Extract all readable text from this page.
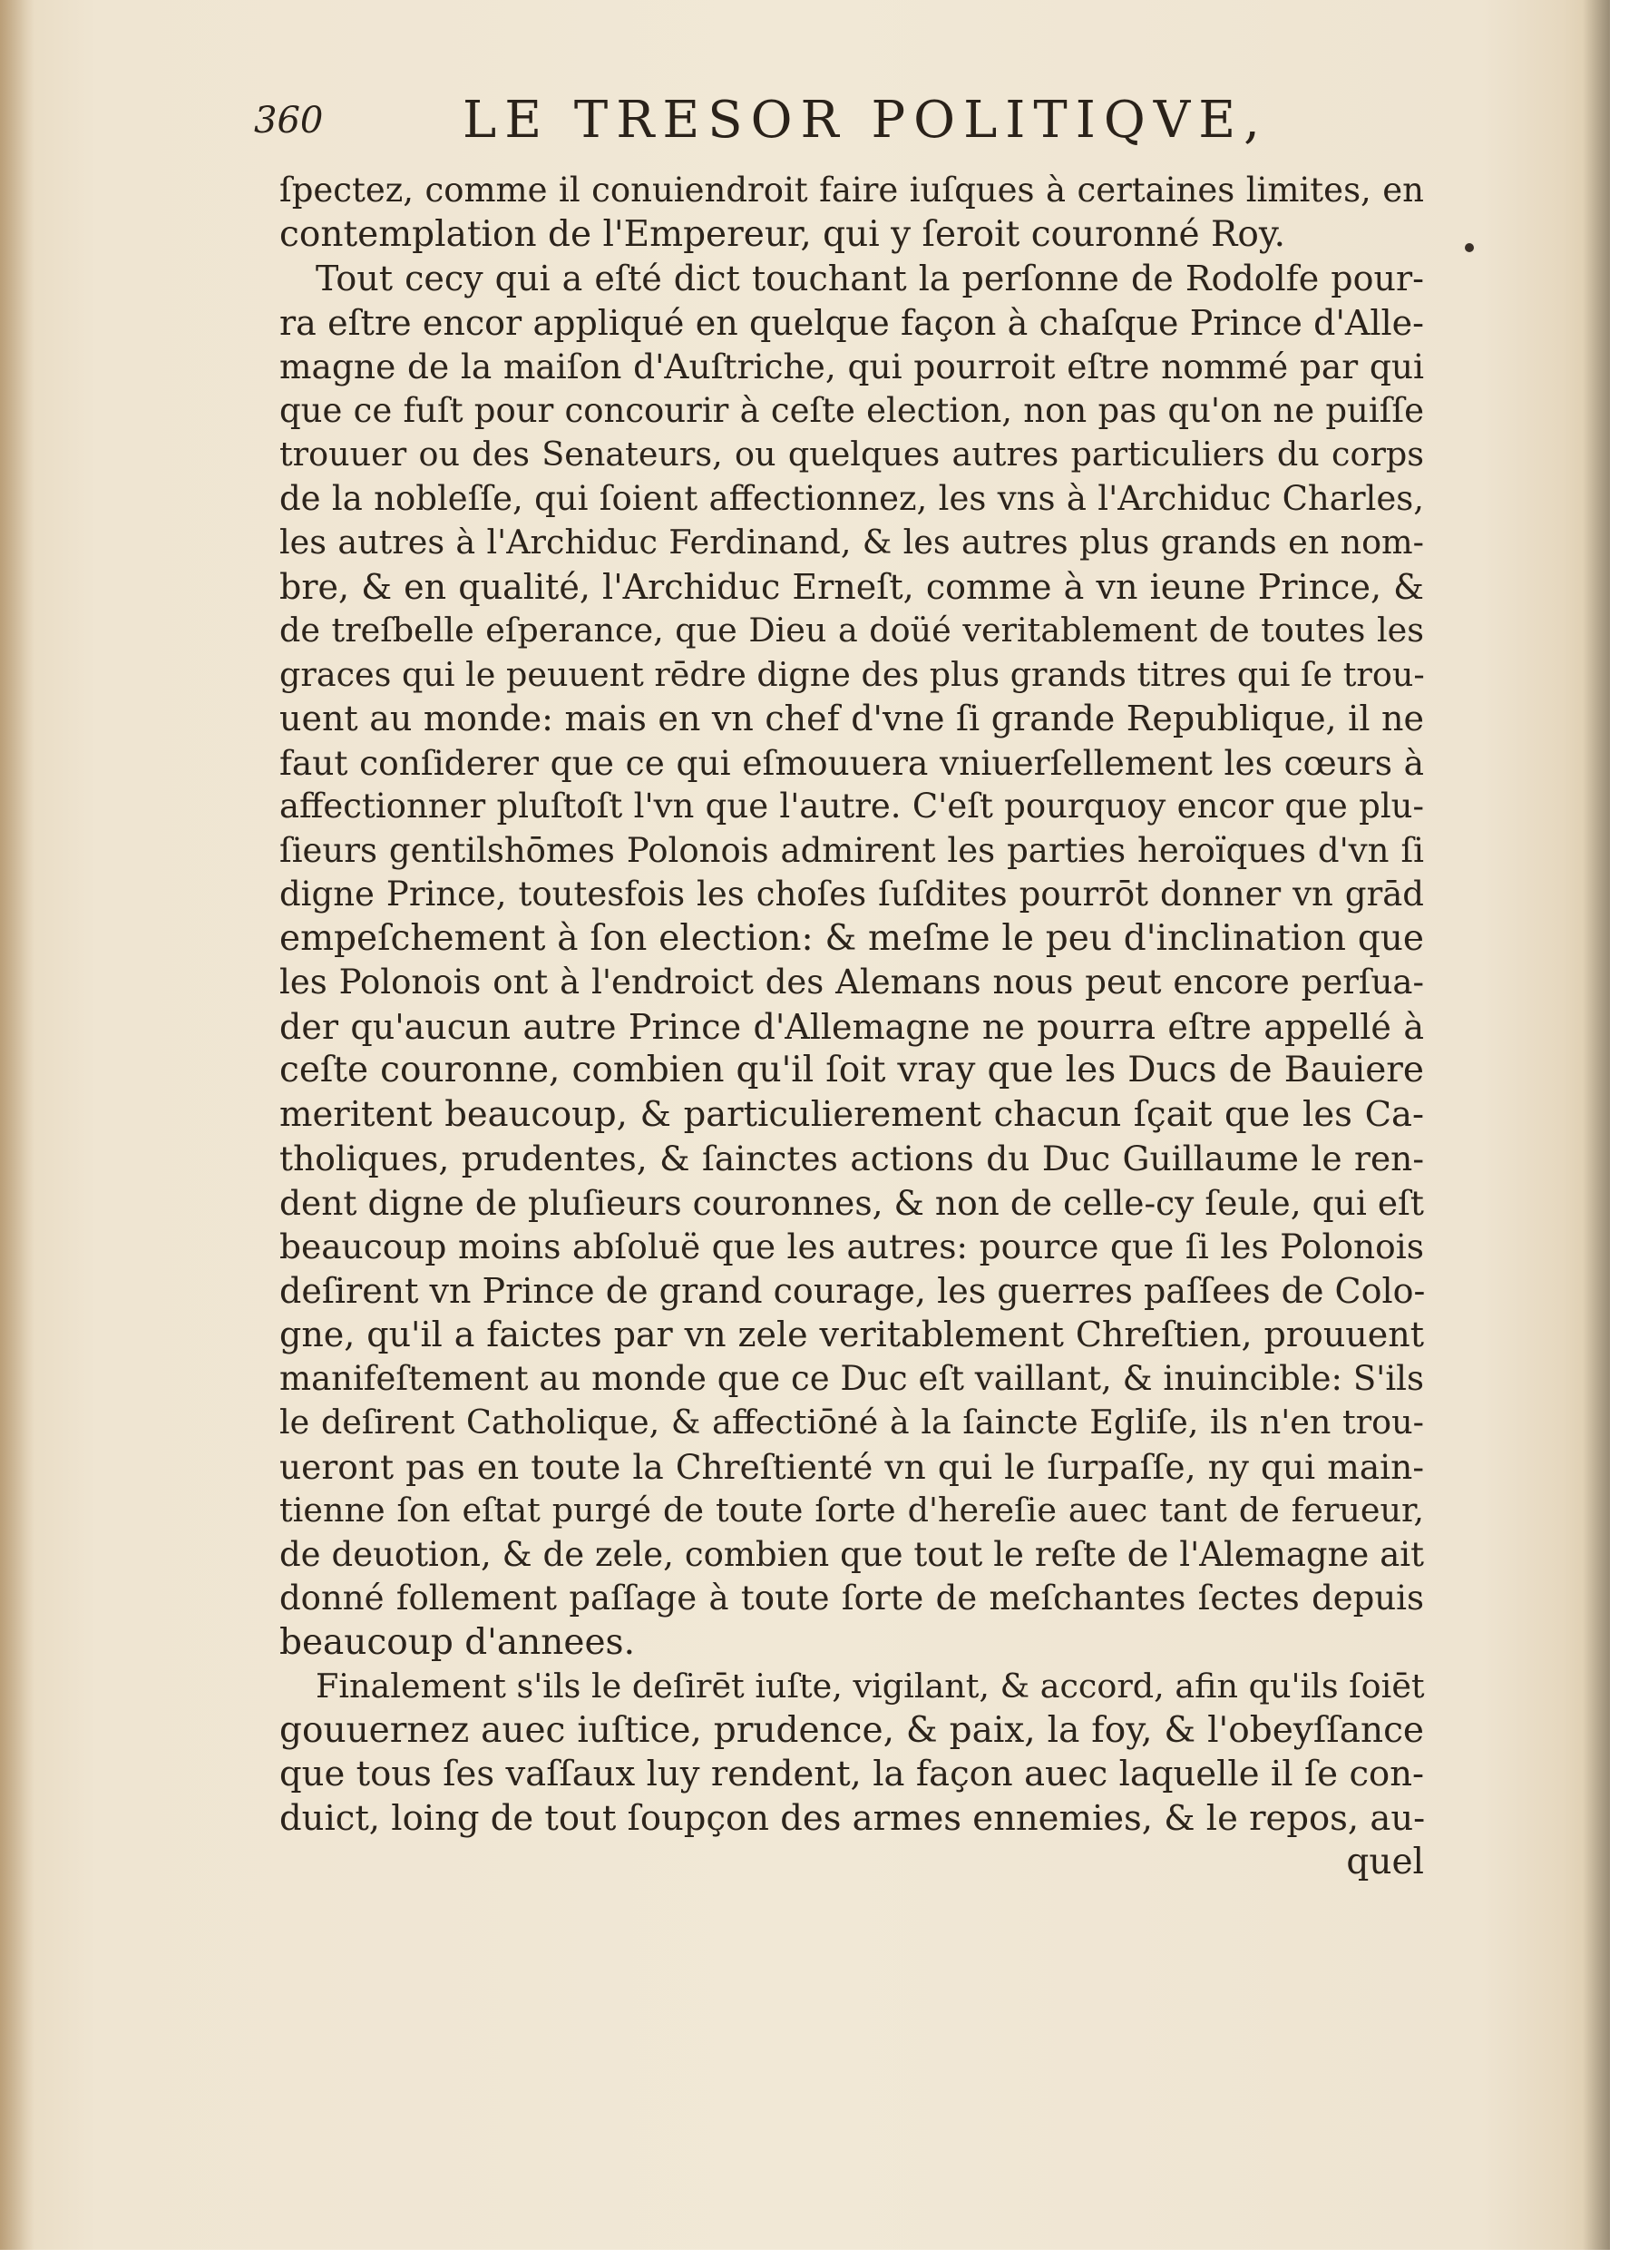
360	LE TRESOR POLITIQVE,
ſpectez, comme il conuiendroit faire iuſques à certaines limites, en
contemplation de l'Empereur, qui y ſeroit couronné Roy.
Tout cecy qui a eſté dict touchant la perſonne de Rodolfe pour-
ra eſtre encor appliqué en quelque façon à chaſque Prince d'Alle-
magne de la maiſon d'Auſtriche, qui pourroit eſtre nommé par qui
que ce fuſt pour concourir à ceſte election, non pas qu'on ne puiſſe
trouuer ou des Senateurs, ou quelques autres particuliers du corps
de la nobleſſe, qui ſoient affectionnez, les vns à l'Archiduc Charles,
les autres à l'Archiduc Ferdinand, & les autres plus grands en nom-
bre, & en qualité, l'Archiduc Erneſt, comme à vn ieune Prince, &
de treſbelle eſperance, que Dieu a doüé veritablement de toutes les
graces qui le peuuent rēdre digne des plus grands titres qui ſe trou-
uent au monde: mais en vn chef d'vne ſi grande Republique, il ne
faut conſiderer que ce qui eſmouuera vniuerſellement les cœurs à
affectionner pluſtoſt l'vn que l'autre. C'eſt pourquoy encor que plu-
ſieurs gentilshōmes Polonois admirent les parties heroïques d'vn ſi
digne Prince, toutesfois les choſes ſuſdites pourrōt donner vn grād
empeſchement à ſon election: & meſme le peu d'inclination que
les Polonois ont à l'endroict des Alemans nous peut encore perſua-
der qu'aucun autre Prince d'Allemagne ne pourra eſtre appellé à
ceſte couronne, combien qu'il ſoit vray que les Ducs de Bauiere
meritent beaucoup, & particulierement chacun ſçait que les Ca-
tholiques, prudentes, & ſainctes actions du Duc Guillaume le ren-
dent digne de pluſieurs couronnes, & non de celle-cy ſeule, qui eſt
beaucoup moins abſoluë que les autres: pource que ſi les Polonois
deſirent vn Prince de grand courage, les guerres paſſees de Colo-
gne, qu'il a faictes par vn zele veritablement Chreſtien, prouuent
manifeſtement au monde que ce Duc eſt vaillant, & inuincible: S'ils
le deſirent Catholique, & affectiōné à la ſaincte Egliſe, ils n'en trou-
ueront pas en toute la Chreſtienté vn qui le ſurpaſſe, ny qui main-
tienne ſon eſtat purgé de toute ſorte d'hereſie auec tant de ferueur,
de deuotion, & de zele, combien que tout le reſte de l'Alemagne ait
donné follement paſſage à toute ſorte de meſchantes ſectes depuis
beaucoup d'annees.
Finalement s'ils le deſirēt iuſte, vigilant, & accord, afin qu'ils ſoiēt
gouuernez auec iuſtice, prudence, & paix, la foy, & l'obeyſſance
que tous ſes vaſſaux luy rendent, la façon auec laquelle il ſe con-
duict, loing de tout ſoupçon des armes ennemies, & le repos, au-
quel
